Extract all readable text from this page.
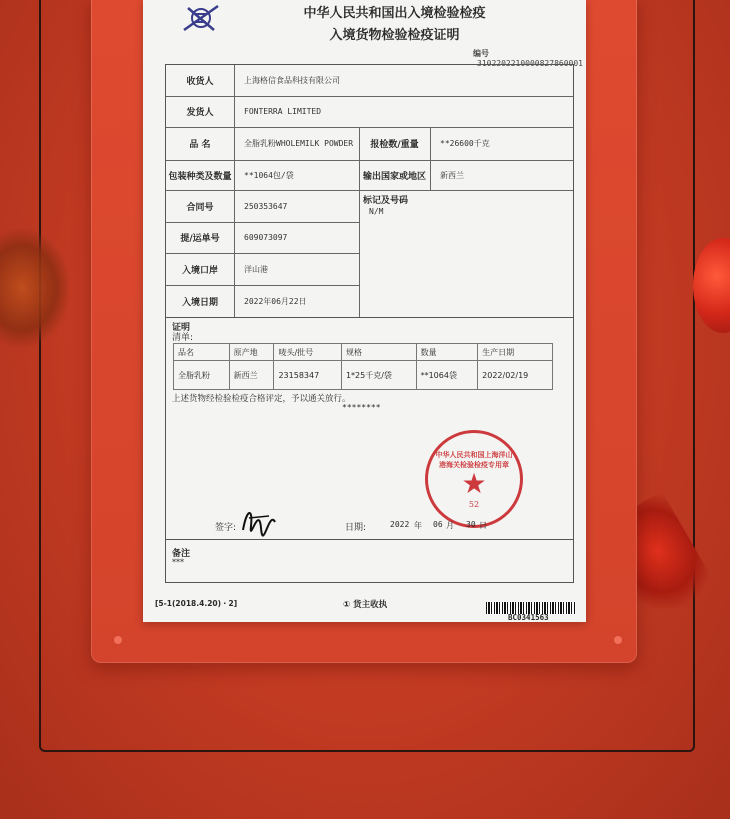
中华人民共和国出入境检验检疫
入境货物检验检疫证明
编号3102202210000827860001
收货人	上海格信食品科技有限公司
发货人	FONTERRA LIMITED
品 名	全脂乳粉WHOLEMILK POWDER	报检数/重量	**26600千克
包装种类及数量	**1064包/袋	输出国家或地区	新西兰
合同号	250353647
标记及号码
N/M
提/运单号	609073097
入境口岸	洋山港
入境日期	2022年06月22日
证明
清单:
品名	原产地	唛头/批号	规格	数量	生产日期
全脂乳粉	新西兰	23158347	1*25千克/袋	**1064袋	2022/02/19
上述货物经检验检疫合格评定，予以通关放行。
********
中华人民共和国上海洋山港海关检验检疫专用章
★
52
签字:	日期:	2022 年 06 月 30 日
备注
***
[5-1(2018.4.20)・2]	① 货主收执
BC0341563
